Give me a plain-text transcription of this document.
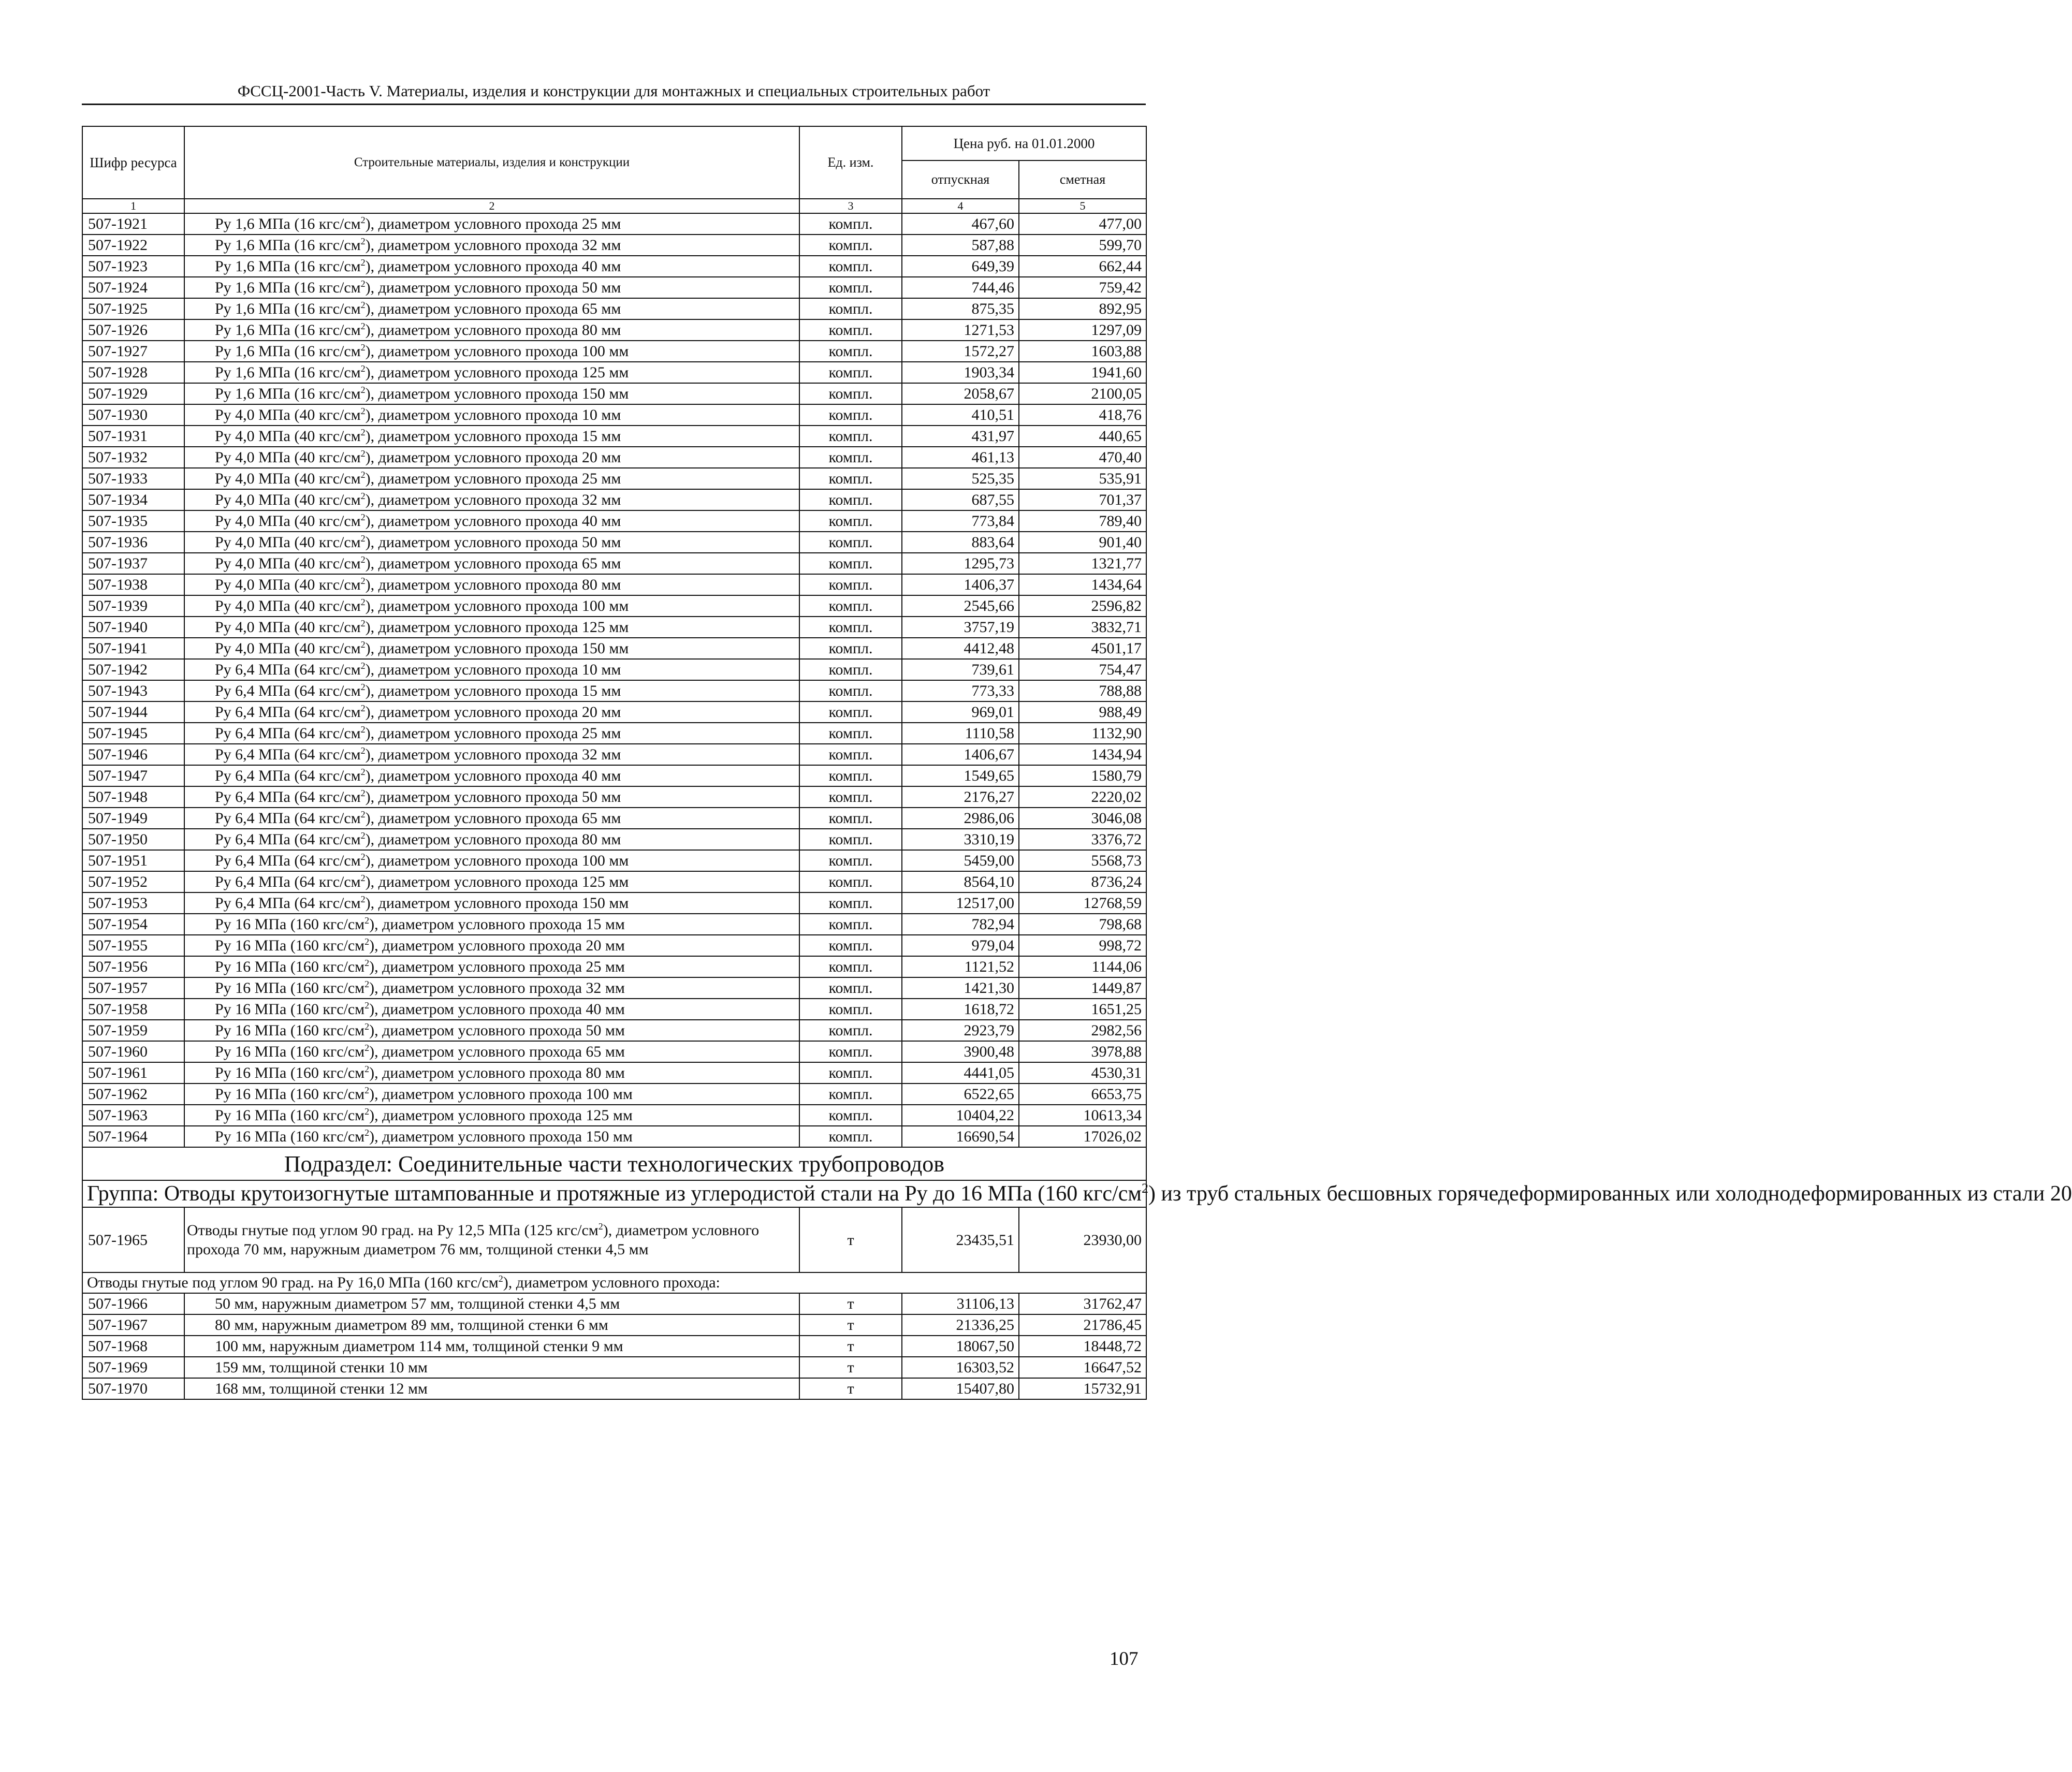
ФССЦ-2001-Часть V. Материалы, изделия и конструкции для монтажных и специальных строительных работ
Шифр ресурса	Строительные материалы, изделия и конструкции	Ед. изм.	Цена руб. на 01.01.2000	
			отпускная	сметная
1	2	3	4	5
507-1921	Ру 1,6 МПа (16 кгс/$см^2$), диаметром условного прохода 25 мм	компл.	467,60	477,00
507-1922	Ру 1,6 МПа (16 кгс/$см^2$), диаметром условного прохода 32 мм	компл.	587,88	599,70
507-1923	Ру 1,6 МПа (16 кгс/$см^2$), диаметром условного прохода 40 мм	компл.	649,39	662,44
507-1924	Ру 1,6 МПа (16 кгс/$см^2$), диаметром условного прохода 50 мм	компл.	744,46	759,42
507-1925	Ру 1,6 МПа (16 кгс/$см^2$), диаметром условного прохода 65 мм	компл.	875,35	892,95
507-1926	Ру 1,6 МПа (16 кгс/$см^2$), диаметром условного прохода 80 мм	компл.	1271,53	1297,09
507-1927	Ру 1,6 МПа (16 кгс/$см^2$), диаметром условного прохода 100 мм	компл.	1572,27	1603,88
507-1928	Ру 1,6 МПа (16 кгс/$см^2$), диаметром условного прохода 125 мм	компл.	1903,34	1941,60
507-1929	Ру 1,6 МПа (16 кгс/$см^2$), диаметром условного прохода 150 мм	компл.	2058,67	2100,05
507-1930	Ру 4,0 МПа (40 кгс/$см^2$), диаметром условного прохода 10 мм	компл.	410,51	418,76
507-1931	Ру 4,0 МПа (40 кгс/$см^2$), диаметром условного прохода 15 мм	компл.	431,97	440,65
507-1932	Ру 4,0 МПа (40 кгс/$см^2$), диаметром условного прохода 20 мм	компл.	461,13	470,40
507-1933	Ру 4,0 МПа (40 кгс/$см^2$), диаметром условного прохода 25 мм	компл.	525,35	535,91
507-1934	Ру 4,0 МПа (40 кгс/$см^2$), диаметром условного прохода 32 мм	компл.	687,55	701,37
507-1935	Ру 4,0 МПа (40 кгс/$см^2$), диаметром условного прохода 40 мм	компл.	773,84	789,40
507-1936	Ру 4,0 МПа (40 кгс/$см^2$), диаметром условного прохода 50 мм	компл.	883,64	901,40
507-1937	Ру 4,0 МПа (40 кгс/$см^2$), диаметром условного прохода 65 мм	компл.	1295,73	1321,77
507-1938	Ру 4,0 МПа (40 кгс/$см^2$), диаметром условного прохода 80 мм	компл.	1406,37	1434,64
507-1939	Ру 4,0 МПа (40 кгс/$см^2$), диаметром условного прохода 100 мм	компл.	2545,66	2596,82
507-1940	Ру 4,0 МПа (40 кгс/$см^2$), диаметром условного прохода 125 мм	компл.	3757,19	3832,71
507-1941	Ру 4,0 МПа (40 кгс/$см^2$), диаметром условного прохода 150 мм	компл.	4412,48	4501,17
507-1942	Ру 6,4 МПа (64 кгс/$см^2$), диаметром условного прохода 10 мм	компл.	739,61	754,47
507-1943	Ру 6,4 МПа (64 кгс/$см^2$), диаметром условного прохода 15 мм	компл.	773,33	788,88
507-1944	Ру 6,4 МПа (64 кгс/$см^2$), диаметром условного прохода 20 мм	компл.	969,01	988,49
507-1945	Ру 6,4 МПа (64 кгс/$см^2$), диаметром условного прохода 25 мм	компл.	1110,58	1132,90
507-1946	Ру 6,4 МПа (64 кгс/$см^2$), диаметром условного прохода 32 мм	компл.	1406,67	1434,94
507-1947	Ру 6,4 МПа (64 кгс/$см^2$), диаметром условного прохода 40 мм	компл.	1549,65	1580,79
507-1948	Ру 6,4 МПа (64 кгс/$см^2$), диаметром условного прохода 50 мм	компл.	2176,27	2220,02
507-1949	Ру 6,4 МПа (64 кгс/$см^2$), диаметром условного прохода 65 мм	компл.	2986,06	3046,08
507-1950	Ру 6,4 МПа (64 кгс/$см^2$), диаметром условного прохода 80 мм	компл.	3310,19	3376,72
507-1951	Ру 6,4 МПа (64 кгс/$см^2$), диаметром условного прохода 100 мм	компл.	5459,00	5568,73
507-1952	Ру 6,4 МПа (64 кгс/$см^2$), диаметром условного прохода 125 мм	компл.	8564,10	8736,24
507-1953	Ру 6,4 МПа (64 кгс/$см^2$), диаметром условного прохода 150 мм	компл.	12517,00	12768,59
507-1954	Ру 16 МПа (160 кгс/$см^2$), диаметром условного прохода 15 мм	компл.	782,94	798,68
507-1955	Ру 16 МПа (160 кгс/$см^2$), диаметром условного прохода 20 мм	компл.	979,04	998,72
507-1956	Ру 16 МПа (160 кгс/$см^2$), диаметром условного прохода 25 мм	компл.	1121,52	1144,06
507-1957	Ру 16 МПа (160 кгс/$см^2$), диаметром условного прохода 32 мм	компл.	1421,30	1449,87
507-1958	Ру 16 МПа (160 кгс/$см^2$), диаметром условного прохода 40 мм	компл.	1618,72	1651,25
507-1959	Ру 16 МПа (160 кгс/$см^2$), диаметром условного прохода 50 мм	компл.	2923,79	2982,56
507-1960	Ру 16 МПа (160 кгс/$см^2$), диаметром условного прохода 65 мм	компл.	3900,48	3978,88
507-1961	Ру 16 МПа (160 кгс/$см^2$), диаметром условного прохода 80 мм	компл.	4441,05	4530,31
507-1962	Ру 16 МПа (160 кгс/$см^2$), диаметром условного прохода 100 мм	компл.	6522,65	6653,75
507-1963	Ру 16 МПа (160 кгс/$см^2$), диаметром условного прохода 125 мм	компл.	10404,22	10613,34
507-1964	Ру 16 МПа (160 кгс/$см^2$), диаметром условного прохода 150 мм	компл.	16690,54	17026,02
Подраздел: Соединительные части технологических трубопроводов				
Группа: Отводы крутоизогнутые штампованные и протяжные из углеродистой стали на Ру до 16 МПа (160 кгс/$см^2$) из труб стальных бесшовных горячедеформированных или холоднодеформированных из стали 20				
507-1965	Отводы гнутые под углом 90 град. на Ру 12,5 МПа (125 кгс/$см^2$), диаметром условного прохода 70 мм, наружным диаметром 76 мм, толщиной стенки 4,5 мм	т	23435,51	23930,00
Отводы гнутые под углом 90 град. на Ру 16,0 МПа (160 кгс/$см^2$), диаметром условного прохода:				
507-1966	50 мм, наружным диаметром 57 мм, толщиной стенки 4,5 мм	т	31106,13	31762,47
507-1967	80 мм, наружным диаметром 89 мм, толщиной стенки 6 мм	т	21336,25	21786,45
507-1968	100 мм, наружным диаметром 114 мм, толщиной стенки 9 мм	т	18067,50	18448,72
507-1969	159 мм, толщиной стенки 10 мм	т	16303,52	16647,52
507-1970	168 мм, толщиной стенки 12 мм	т	15407,80	15732,91
107
